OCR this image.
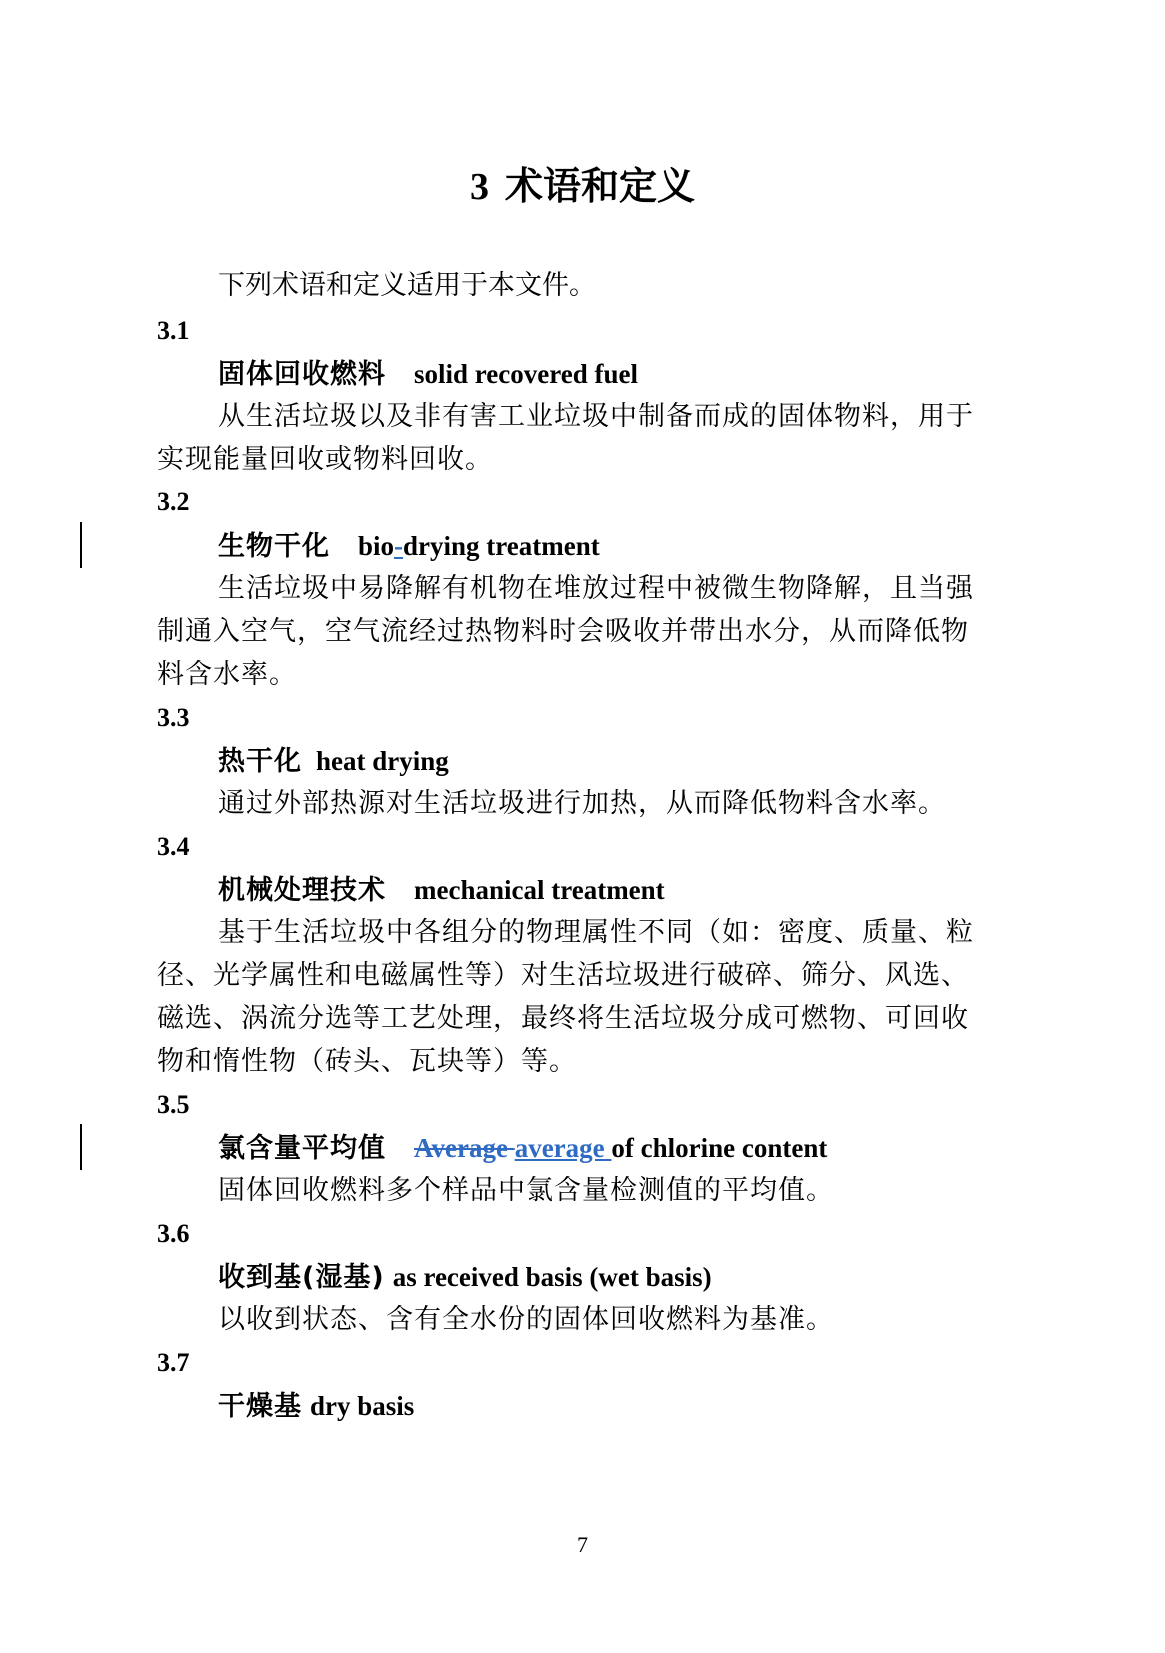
3 术语和定义
下列术语和定义适用于本文件。
3.1
固体回收燃料 solid recovered fuel
从生活垃圾以及非有害工业垃圾中制备而成的固体物料，用于
实现能量回收或物料回收。
3.2
生物干化 bio-drying treatment
生活垃圾中易降解有机物在堆放过程中被微生物降解，且当强
制通入空气，空气流经过热物料时会吸收并带出水分，从而降低物
料含水率。
3.3
热干化 heat drying
通过外部热源对生活垃圾进行加热，从而降低物料含水率。
3.4
机械处理技术 mechanical treatment
基于生活垃圾中各组分的物理属性不同（如：密度、质量、粒
径、光学属性和电磁属性等）对生活垃圾进行破碎、筛分、风选、
磁选、涡流分选等工艺处理，最终将生活垃圾分成可燃物、可回收
物和惰性物（砖头、瓦块等）等。
3.5
氯含量平均值 Average average of chlorine content
固体回收燃料多个样品中氯含量检测值的平均值。
3.6
收到基(湿基) as received basis (wet basis)
以收到状态、含有全水份的固体回收燃料为基准。
3.7
干燥基 dry basis
7
